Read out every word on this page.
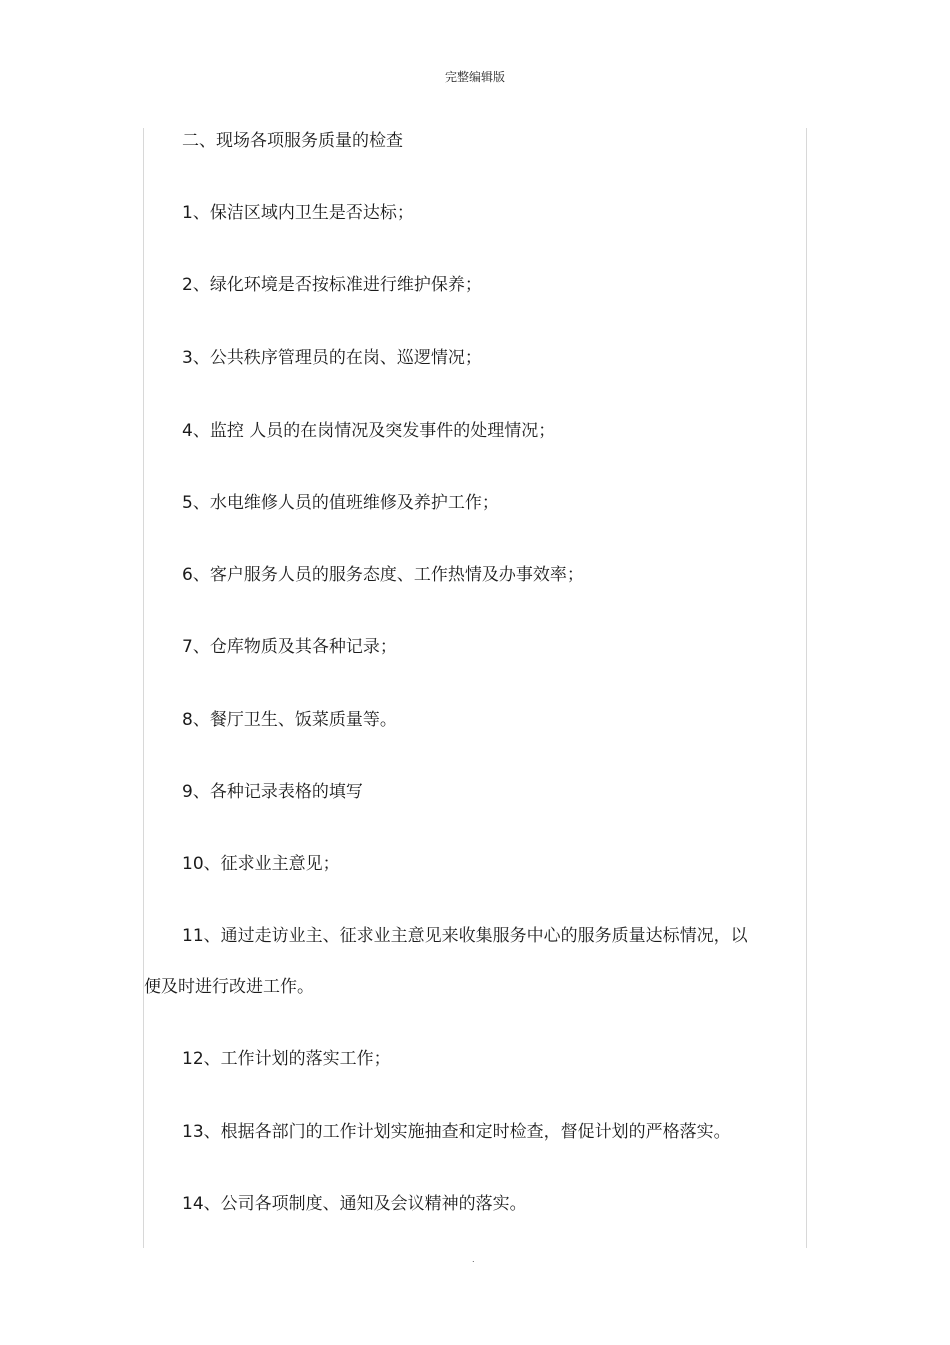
完整编辑版
二、现场各项服务质量的检查
1、保洁区域内卫生是否达标；
2、绿化环境是否按标准进行维护保养；
3、公共秩序管理员的在岗、巡逻情况；
4、监控 人员的在岗情况及突发事件的处理情况；
5、水电维修人员的值班维修及养护工作；
6、客户服务人员的服务态度、工作热情及办事效率；
7、仓库物质及其各种记录；
8、餐厅卫生、饭菜质量等。
9、各种记录表格的填写
10、征求业主意见；
11、通过走访业主、征求业主意见来收集服务中心的服务质量达标情况，以
便及时进行改进工作。
12、工作计划的落实工作；
13、根据各部门的工作计划实施抽查和定时检查，督促计划的严格落实。
14、公司各项制度、通知及会议精神的落实。
.
